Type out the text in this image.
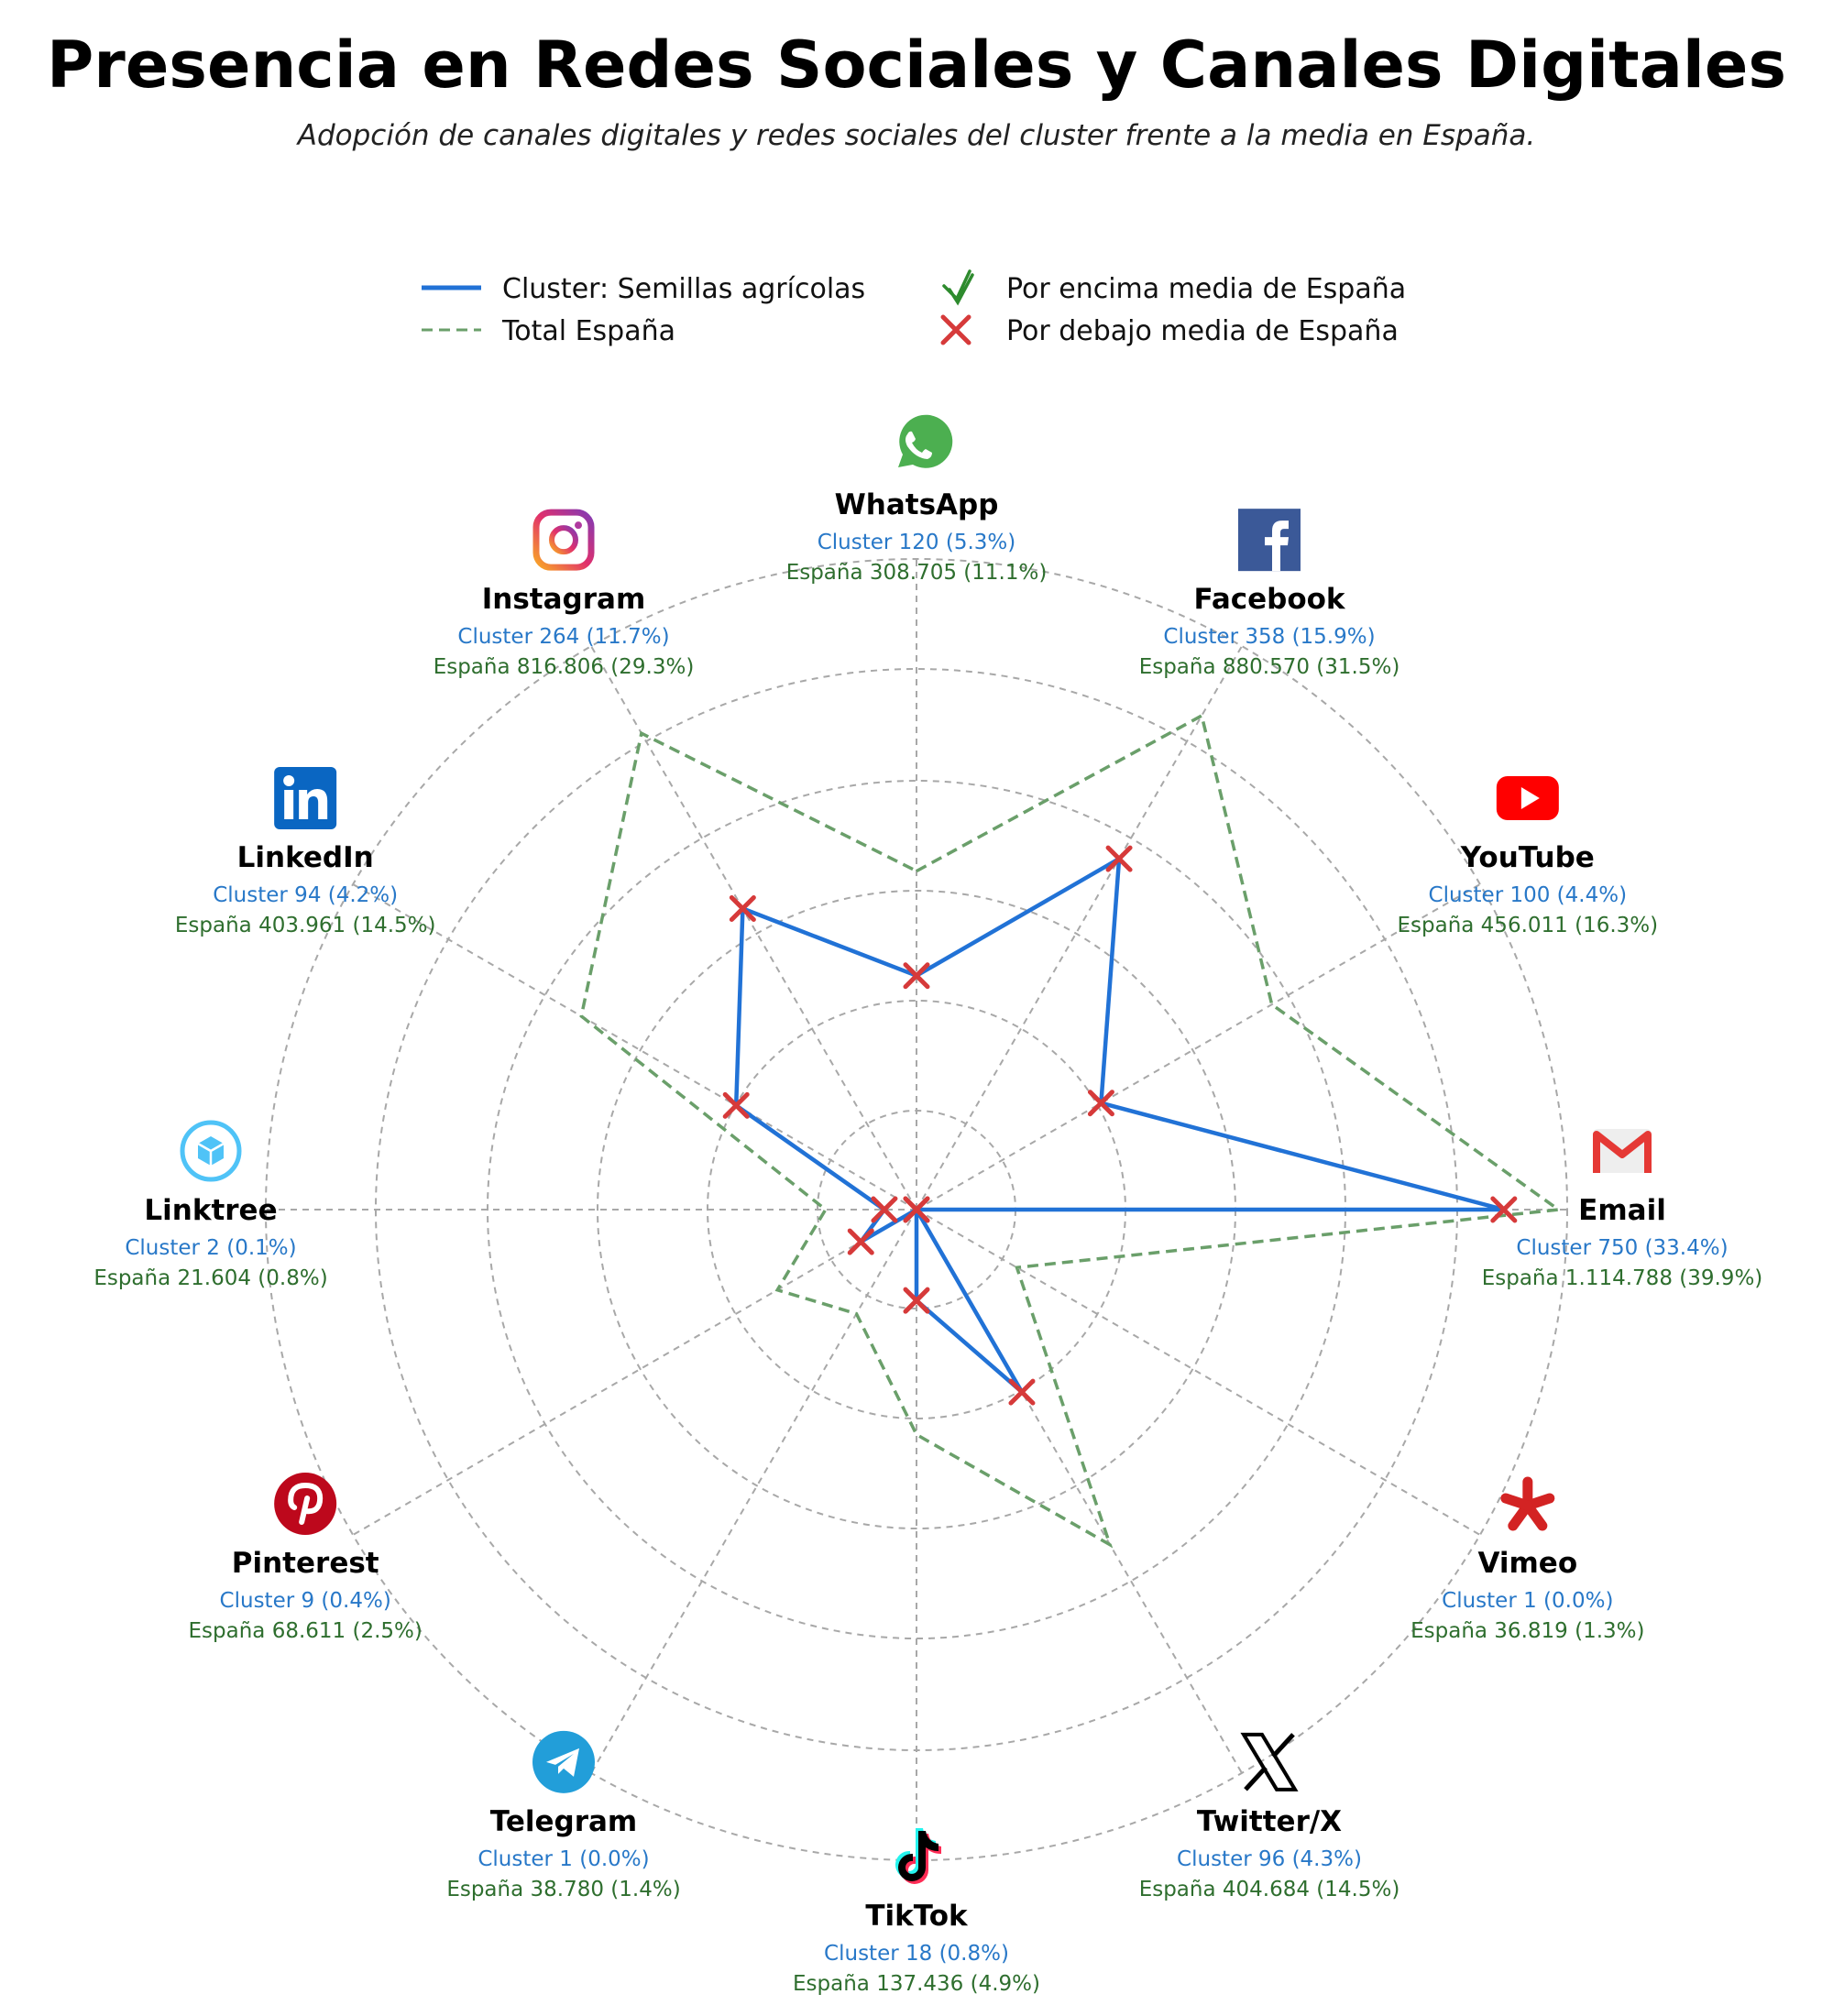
Presencia en Redes Sociales y Canales Digitales

Adopción de canales digitales y redes sociales del cluster frente a la media en España.

Cluster: Semillas agrícolas
Total España
Por encima media de España
Por debajo media de España
WhatsApp
Cluster 120 (5.3%)
España 308.705 (11.1%)
Facebook
Cluster 358 (15.9%)
España 880.570 (31.5%)
YouTube
Cluster 100 (4.4%)
España 456.011 (16.3%)
Email
Cluster 750 (33.4%)
España 1.114.788 (39.9%)
Vimeo
Cluster 1 (0.0%)
España 36.819 (1.3%)
Twitter/X
Cluster 96 (4.3%)
España 404.684 (14.5%)
TikTok
Cluster 18 (0.8%)
España 137.436 (4.9%)
Telegram
Cluster 1 (0.0%)
España 38.780 (1.4%)
Pinterest
Cluster 9 (0.4%)
España 68.611 (2.5%)
Linktree
Cluster 2 (0.1%)
España 21.604 (0.8%)
LinkedIn
Cluster 94 (4.2%)
España 403.961 (14.5%)
Instagram
Cluster 264 (11.7%)
España 816.806 (29.3%)
